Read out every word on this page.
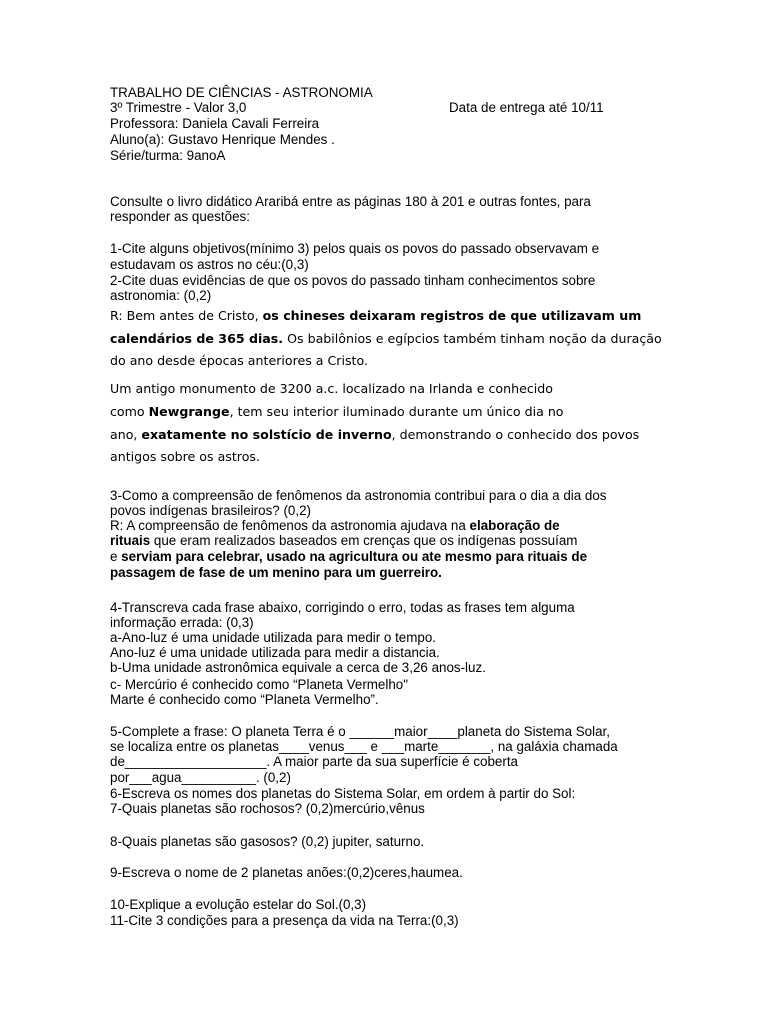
TRABALHO DE CIÊNCIAS - ASTRONOMIA
3º Trimestre - Valor 3,0	Data de entrega até 10/11
Professora: Daniela Cavali Ferreira
Aluno(a): Gustavo Henrique Mendes .
Série/turma: 9anoA
Consulte o livro didático Araribá entre as páginas 180 à 201 e outras fontes, para
responder as questões:
1-Cite alguns objetivos(mínimo 3) pelos quais os povos do passado observavam e
estudavam os astros no céu:(0,3)
2-Cite duas evidências de que os povos do passado tinham conhecimentos sobre
astronomia: (0,2)
R: Bem antes de Cristo, os chineses deixaram registros de que utilizavam um
calendários de 365 dias. Os babilônios e egípcios também tinham noção da duração
do ano desde épocas anteriores a Cristo.
Um antigo monumento de 3200 a.c. localizado na Irlanda e conhecido
como Newgrange, tem seu interior iluminado durante um único dia no
ano, exatamente no solstício de inverno, demonstrando o conhecido dos povos
antigos sobre os astros.
3-Como a compreensão de fenômenos da astronomia contribui para o dia a dia dos
povos indígenas brasileiros? (0,2)
R: A compreensão de fenômenos da astronomia ajudava na elaboração de
rituais que eram realizados baseados em crenças que os indígenas possuíam
e serviam para celebrar, usado na agricultura ou ate mesmo para rituais de
passagem de fase de um menino para um guerreiro.
4-Transcreva cada frase abaixo, corrigindo o erro, todas as frases tem alguma
informação errada: (0,3)
a-Ano-luz é uma unidade utilizada para medir o tempo.
Ano-luz é uma unidade utilizada para medir a distancia.
b-Uma unidade astronômica equivale a cerca de 3,26 anos-luz.
c- Mercúrio é conhecido como “Planeta Vermelho"
Marte é conhecido como “Planeta Vermelho”.
5-Complete a frase: O planeta Terra é o ______maior____planeta do Sistema Solar,
se localiza entre os planetas____venus___ e ___marte_______, na galáxia chamada
de___________________. A maior parte da sua superfície é coberta
por___agua__________. (0,2)
6-Escreva os nomes dos planetas do Sistema Solar, em ordem à partir do Sol:
7-Quais planetas são rochosos? (0,2)mercúrio,vênus
8-Quais planetas são gasosos? (0,2) jupiter, saturno.
9-Escreva o nome de 2 planetas anões:(0,2)ceres,haumea.
10-Explique a evolução estelar do Sol.(0,3)
11-Cite 3 condições para a presença da vida na Terra:(0,3)
